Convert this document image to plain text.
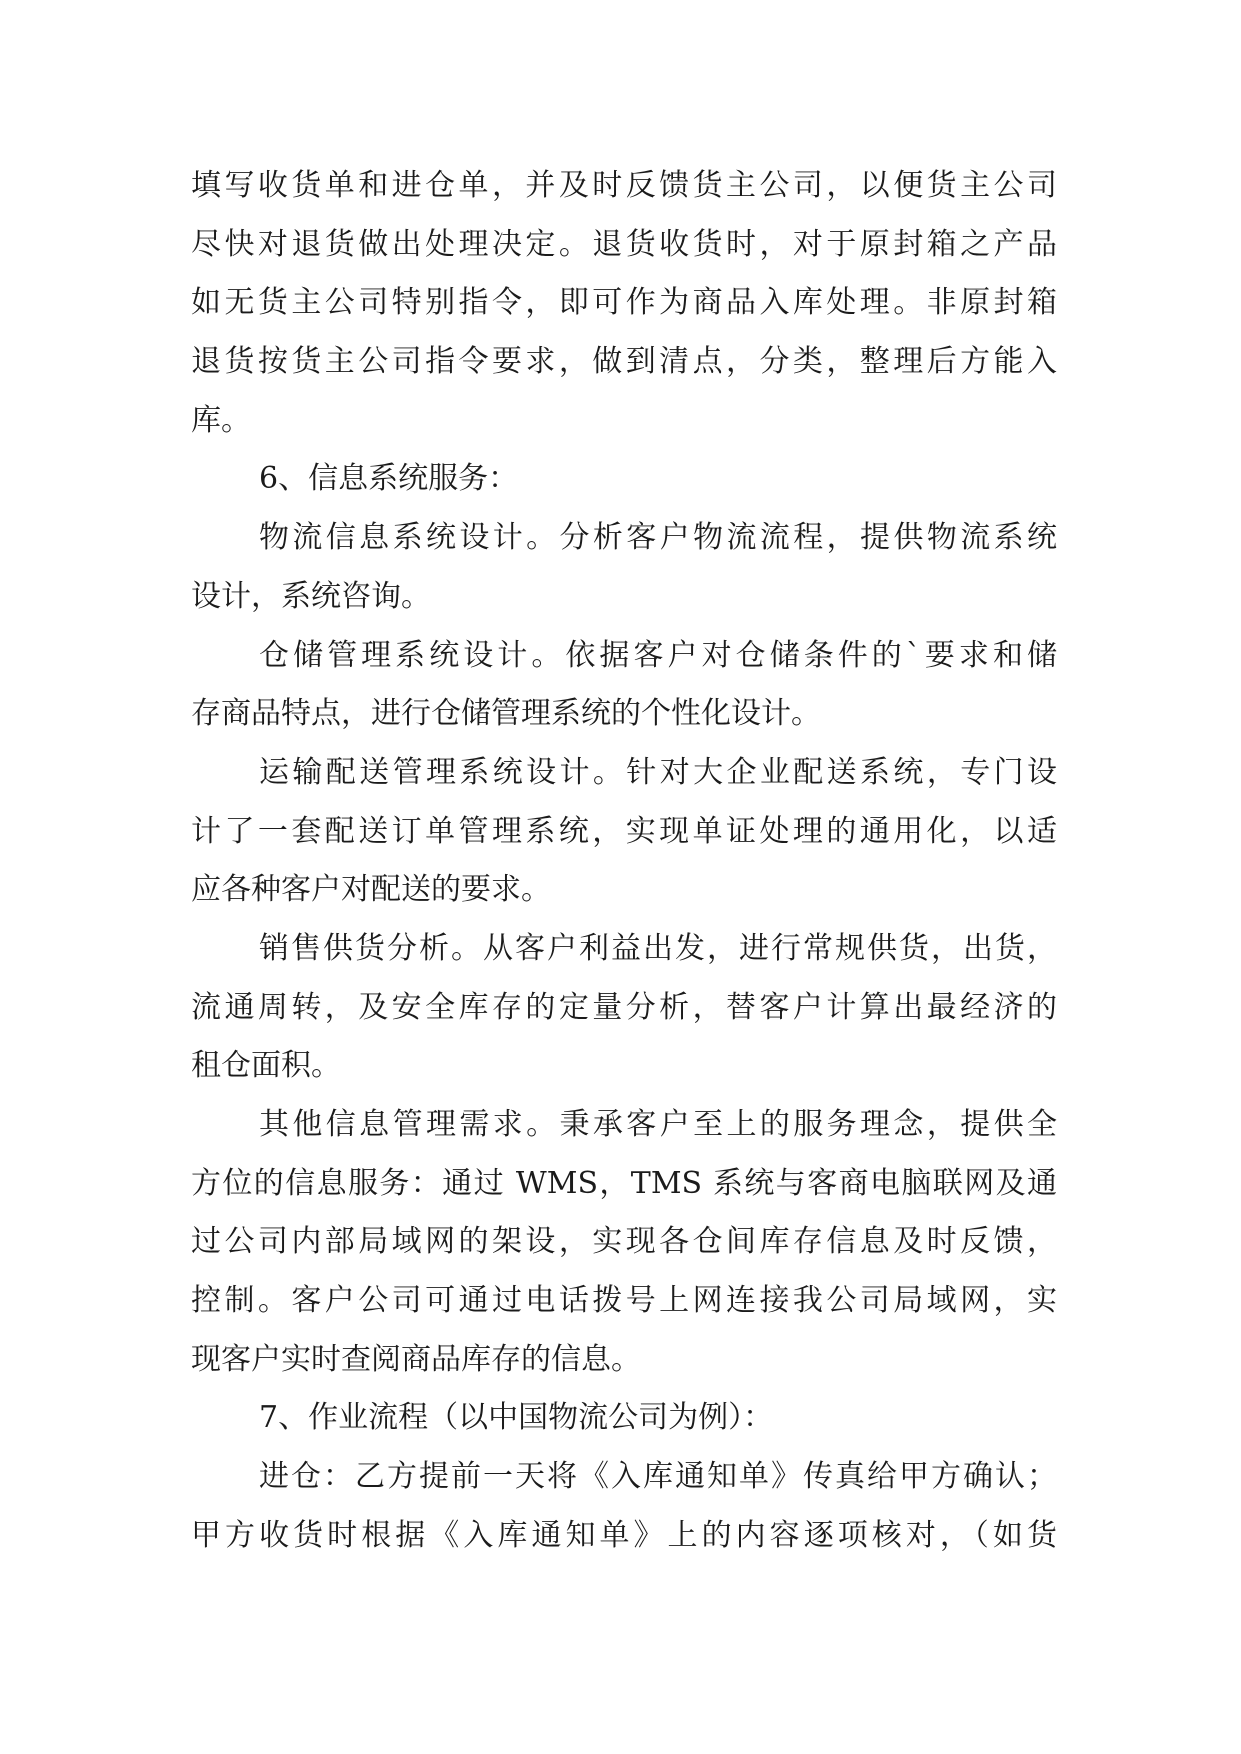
填写收货单和进仓单，并及时反馈货主公司，以便货主公司
尽快对退货做出处理决定。退货收货时，对于原封箱之产品
如无货主公司特别指令，即可作为商品入库处理。非原封箱
退货按货主公司指令要求，做到清点，分类，整理后方能入
库。
6、信息系统服务：
物流信息系统设计。分析客户物流流程，提供物流系统
设计，系统咨询。
仓储管理系统设计。依据客户对仓储条件的`要求和储
存商品特点，进行仓储管理系统的个性化设计。
运输配送管理系统设计。针对大企业配送系统，专门设
计了一套配送订单管理系统，实现单证处理的通用化，以适
应各种客户对配送的要求。
销售供货分析。从客户利益出发，进行常规供货，出货，
流通周转，及安全库存的定量分析，替客户计算出最经济的
租仓面积。
其他信息管理需求。秉承客户至上的服务理念，提供全
方位的信息服务：通过 WMS，TMS 系统与客商电脑联网及通
过公司内部局域网的架设，实现各仓间库存信息及时反馈，
控制。客户公司可通过电话拨号上网连接我公司局域网，实
现客户实时查阅商品库存的信息。
7、作业流程（以中国物流公司为例）：
进仓：乙方提前一天将《入库通知单》传真给甲方确认；
甲方收货时根据《入库通知单》上的内容逐项核对，（如货
